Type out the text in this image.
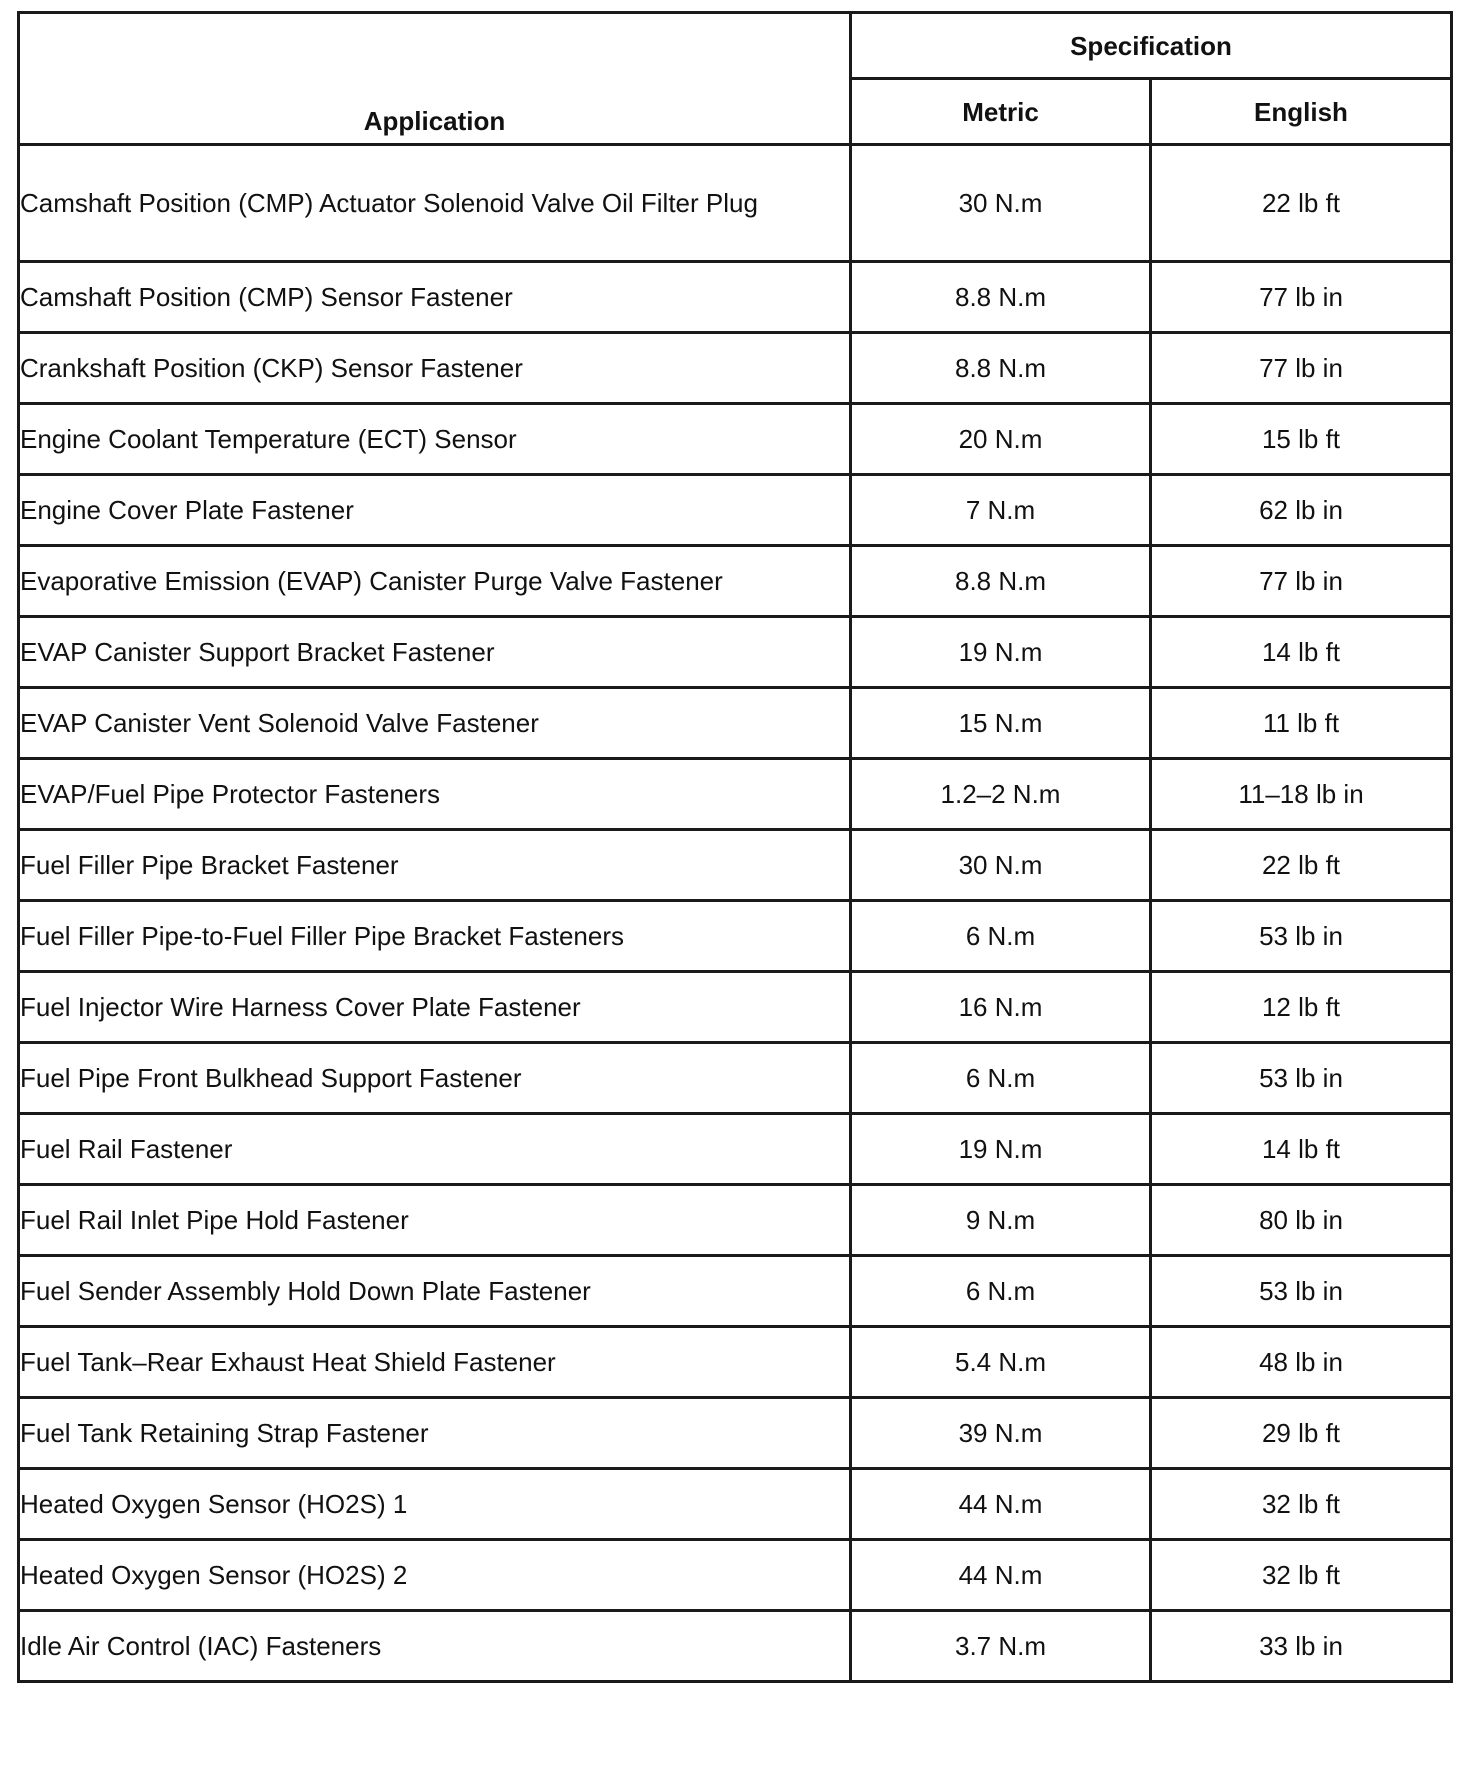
Application	Specification	
	Metric	English
Camshaft Position (CMP) Actuator Solenoid Valve Oil Filter Plug	30 N.m	22 lb ft
Camshaft Position (CMP) Sensor Fastener	8.8 N.m	77 lb in
Crankshaft Position (CKP) Sensor Fastener	8.8 N.m	77 lb in
Engine Coolant Temperature (ECT) Sensor	20 N.m	15 lb ft
Engine Cover Plate Fastener	7 N.m	62 lb in
Evaporative Emission (EVAP) Canister Purge Valve Fastener	8.8 N.m	77 lb in
EVAP Canister Support Bracket Fastener	19 N.m	14 lb ft
EVAP Canister Vent Solenoid Valve Fastener	15 N.m	11 lb ft
EVAP/Fuel Pipe Protector Fasteners	1.2–2 N.m	11–18 lb in
Fuel Filler Pipe Bracket Fastener	30 N.m	22 lb ft
Fuel Filler Pipe-to-Fuel Filler Pipe Bracket Fasteners	6 N.m	53 lb in
Fuel Injector Wire Harness Cover Plate Fastener	16 N.m	12 lb ft
Fuel Pipe Front Bulkhead Support Fastener	6 N.m	53 lb in
Fuel Rail Fastener	19 N.m	14 lb ft
Fuel Rail Inlet Pipe Hold Fastener	9 N.m	80 lb in
Fuel Sender Assembly Hold Down Plate Fastener	6 N.m	53 lb in
Fuel Tank–Rear Exhaust Heat Shield Fastener	5.4 N.m	48 lb in
Fuel Tank Retaining Strap Fastener	39 N.m	29 lb ft
Heated Oxygen Sensor (HO2S) 1	44 N.m	32 lb ft
Heated Oxygen Sensor (HO2S) 2	44 N.m	32 lb ft
Idle Air Control (IAC) Fasteners	3.7 N.m	33 lb in
